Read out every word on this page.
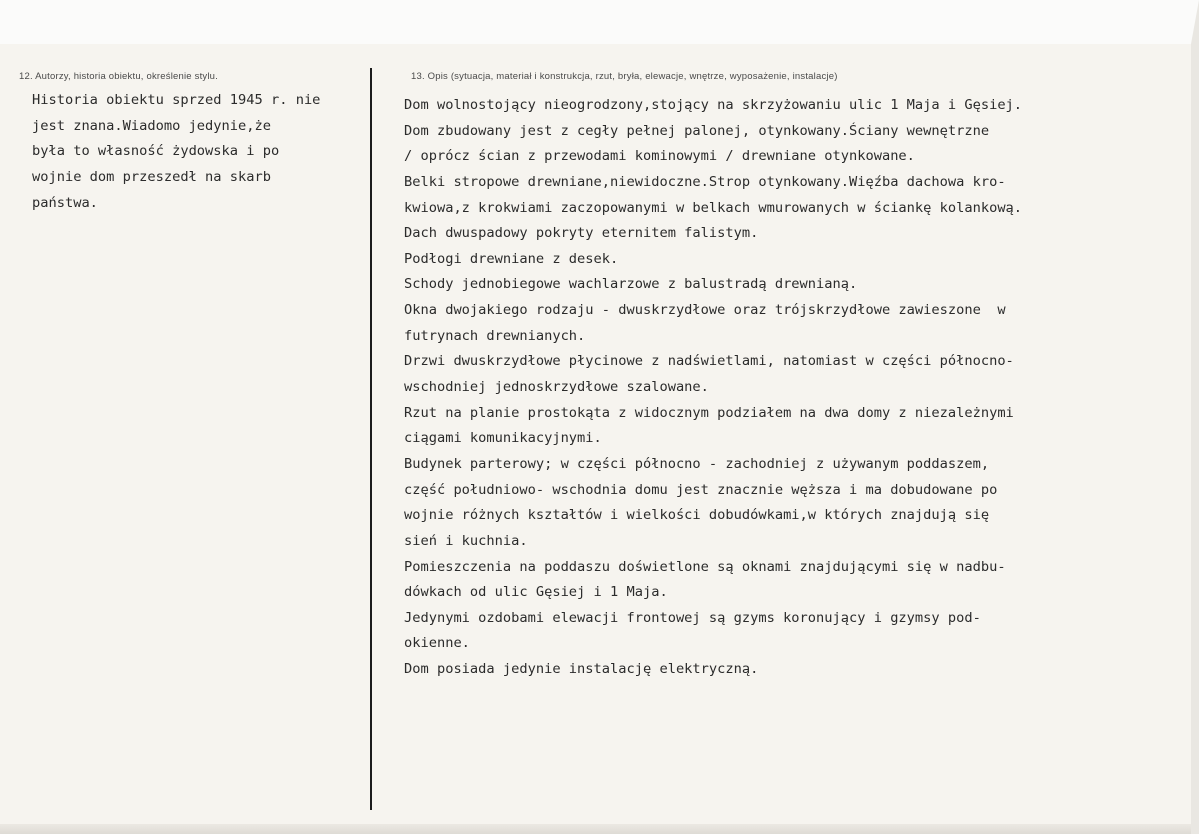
12. Autorzy, historia obiektu, określenie stylu.	13. Opis (sytuacja, materiał i konstrukcja, rzut, bryła, elewacje, wnętrze, wyposażenie, instalacje)
Historia obiektu sprzed 1945 r. nie
jest znana.Wiadomo jedynie,że
była to własność żydowska i po
wojnie dom przeszedł na skarb
państwa.
Dom wolnostojący nieogrodzony,stojący na skrzyżowaniu ulic 1 Maja i Gęsiej.
Dom zbudowany jest z cegły pełnej palonej, otynkowany.Ściany wewnętrzne
/ oprócz ścian z przewodami kominowymi / drewniane otynkowane.
Belki stropowe drewniane,niewidoczne.Strop otynkowany.Więźba dachowa kro-
kwiowa,z krokwiami zaczopowanymi w belkach wmurowanych w ściankę kolankową.
Dach dwuspadowy pokryty eternitem falistym.
Podłogi drewniane z desek.
Schody jednobiegowe wachlarzowe z balustradą drewnianą.
Okna dwojakiego rodzaju - dwuskrzydłowe oraz trójskrzydłowe zawieszone  w
futrynach drewnianych.
Drzwi dwuskrzydłowe płycinowe z nadświetlami, natomiast w części północno-
wschodniej jednoskrzydłowe szalowane.
Rzut na planie prostokąta z widocznym podziałem na dwa domy z niezależnymi
ciągami komunikacyjnymi.
Budynek parterowy; w części północno - zachodniej z używanym poddaszem,
część południowo- wschodnia domu jest znacznie węższa i ma dobudowane po
wojnie różnych kształtów i wielkości dobudówkami,w których znajdują się
sień i kuchnia.
Pomieszczenia na poddaszu doświetlone są oknami znajdującymi się w nadbu-
dówkach od ulic Gęsiej i 1 Maja.
Jedynymi ozdobami elewacji frontowej są gzyms koronujący i gzymsy pod-
okienne.
Dom posiada jedynie instalację elektryczną.
